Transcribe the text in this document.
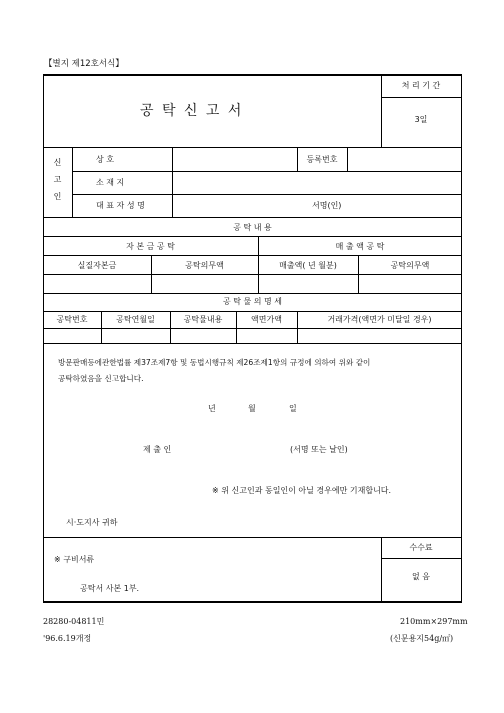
【별지 제12호서식】
공 탁 신 고 서
처 리 기 간
3일
신
고
인
상 호	등록번호
소 재 지
대 표 자 성 명	서명(인)
공 탁 내 용
자 본 금 공 탁	매 출 액 공 탁
실질자본금	공탁의무액	매출액( 년 월분)	공탁의무액
공 탁 물 의 명 세
공탁번호	공탁연월일	공탁물내용	액면가액	거래가격(액면가 미달일 경우)
방문판매등에관한법률 제37조제7항 및 동법시행규칙 제26조제1항의 규정에 의하여 위와 같이
공탁하였음을 신고합니다.
년	월	일
제 출 인	(서명 또는 날인)
※ 위 신고인과 동일인이 아닐 경우에만 기재합니다.
시·도지사 귀하
※ 구비서류
공탁서 사본 1부.
수수료
없 음
28280-04811민
'96.6.19개정
210mm×297mm
(신문용지54g/㎡)
